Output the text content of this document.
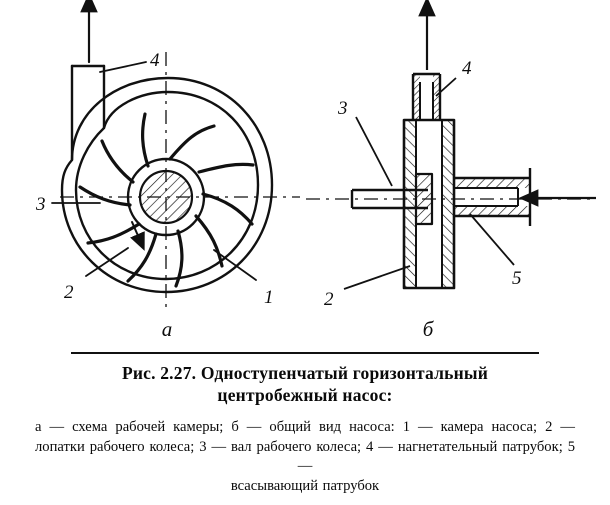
4
3
2	1
а
3
2
4
5
б
Рис. 2.27. Одноступенчатый горизонтальный
центробежный насос:
а — схема рабочей камеры; б — общий вид насоса: 1 — камера насоса; 2 — лопатки рабочего колеса; 3 — вал рабочего колеса; 4 — нагнетательный патрубок; 5 —
всасывающий патрубок
